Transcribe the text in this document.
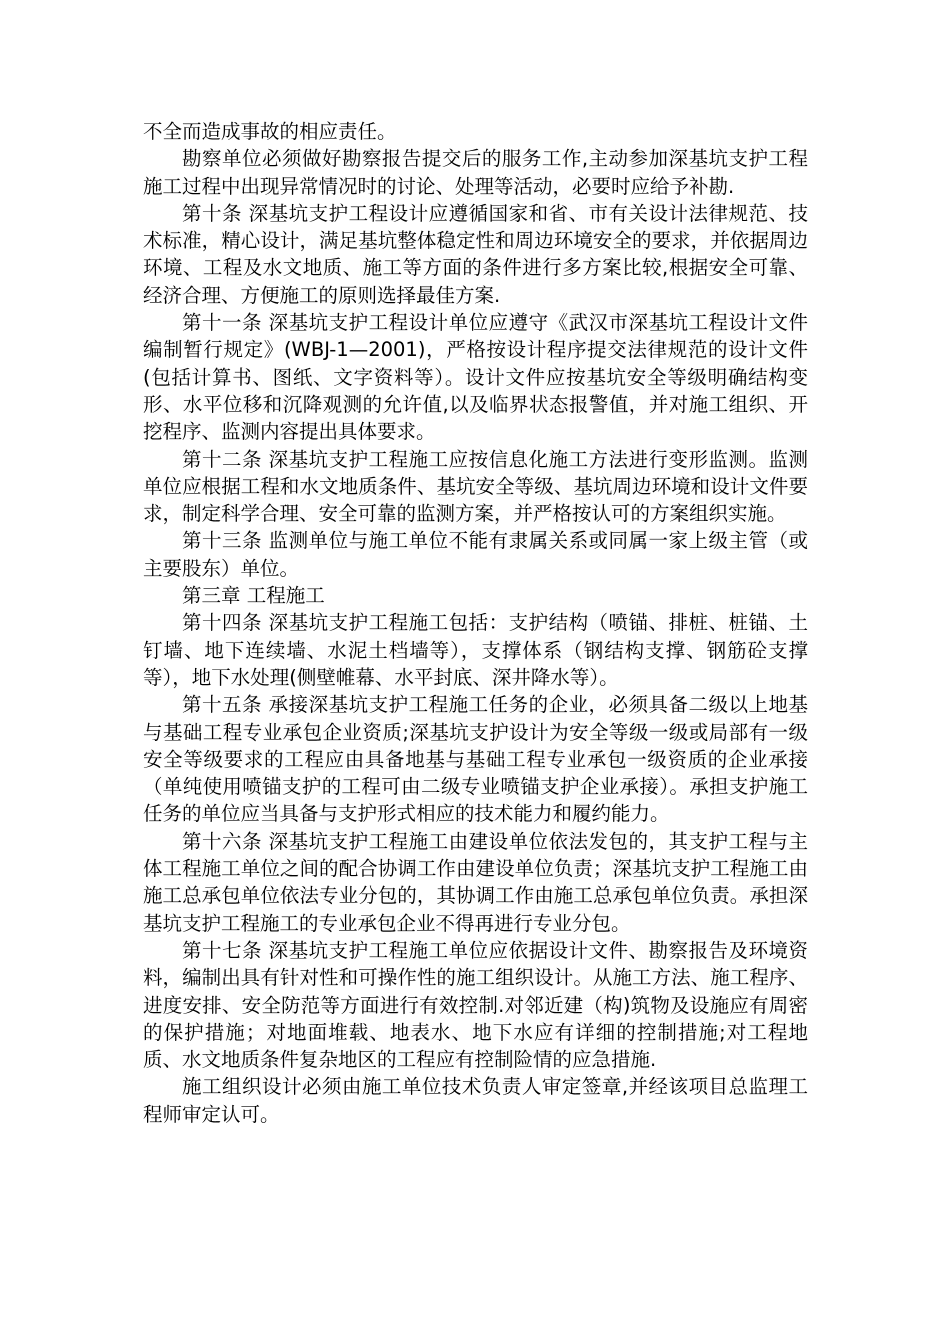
不全而造成事故的相应责任。

勘察单位必须做好勘察报告提交后的服务工作,主动参加深基坑支护工程施工过程中出现异常情况时的讨论、处理等活动，必要时应给予补勘.

第十条 深基坑支护工程设计应遵循国家和省、市有关设计法律规范、技术标准，精心设计，满足基坑整体稳定性和周边环境安全的要求，并依据周边环境、工程及水文地质、施工等方面的条件进行多方案比较,根据安全可靠、经济合理、方便施工的原则选择最佳方案.

第十一条 深基坑支护工程设计单位应遵守《武汉市深基坑工程设计文件编制暂行规定》(WBJ-1—2001)，严格按设计程序提交法律规范的设计文件(包括计算书、图纸、文字资料等）。设计文件应按基坑安全等级明确结构变形、水平位移和沉降观测的允许值,以及临界状态报警值，并对施工组织、开挖程序、监测内容提出具体要求。

第十二条 深基坑支护工程施工应按信息化施工方法进行变形监测。监测单位应根据工程和水文地质条件、基坑安全等级、基坑周边环境和设计文件要求，制定科学合理、安全可靠的监测方案，并严格按认可的方案组织实施。

第十三条 监测单位与施工单位不能有隶属关系或同属一家上级主管（或主要股东）单位。

第三章 工程施工

第十四条 深基坑支护工程施工包括：支护结构（喷锚、排桩、桩锚、土钉墙、地下连续墙、水泥土档墙等），支撑体系（钢结构支撑、钢筋砼支撑等），地下水处理(侧壁帷幕、水平封底、深井降水等）。

第十五条 承接深基坑支护工程施工任务的企业，必须具备二级以上地基与基础工程专业承包企业资质;深基坑支护设计为安全等级一级或局部有一级安全等级要求的工程应由具备地基与基础工程专业承包一级资质的企业承接（单纯使用喷锚支护的工程可由二级专业喷锚支护企业承接）。承担支护施工任务的单位应当具备与支护形式相应的技术能力和履约能力。

第十六条 深基坑支护工程施工由建设单位依法发包的，其支护工程与主体工程施工单位之间的配合协调工作由建设单位负责；深基坑支护工程施工由施工总承包单位依法专业分包的，其协调工作由施工总承包单位负责。承担深基坑支护工程施工的专业承包企业不得再进行专业分包。

第十七条 深基坑支护工程施工单位应依据设计文件、勘察报告及环境资料，编制出具有针对性和可操作性的施工组织设计。从施工方法、施工程序、进度安排、安全防范等方面进行有效控制.对邻近建（构)筑物及设施应有周密的保护措施；对地面堆载、地表水、地下水应有详细的控制措施;对工程地质、水文地质条件复杂地区的工程应有控制险情的应急措施.

施工组织设计必须由施工单位技术负责人审定签章,并经该项目总监理工程师审定认可。
